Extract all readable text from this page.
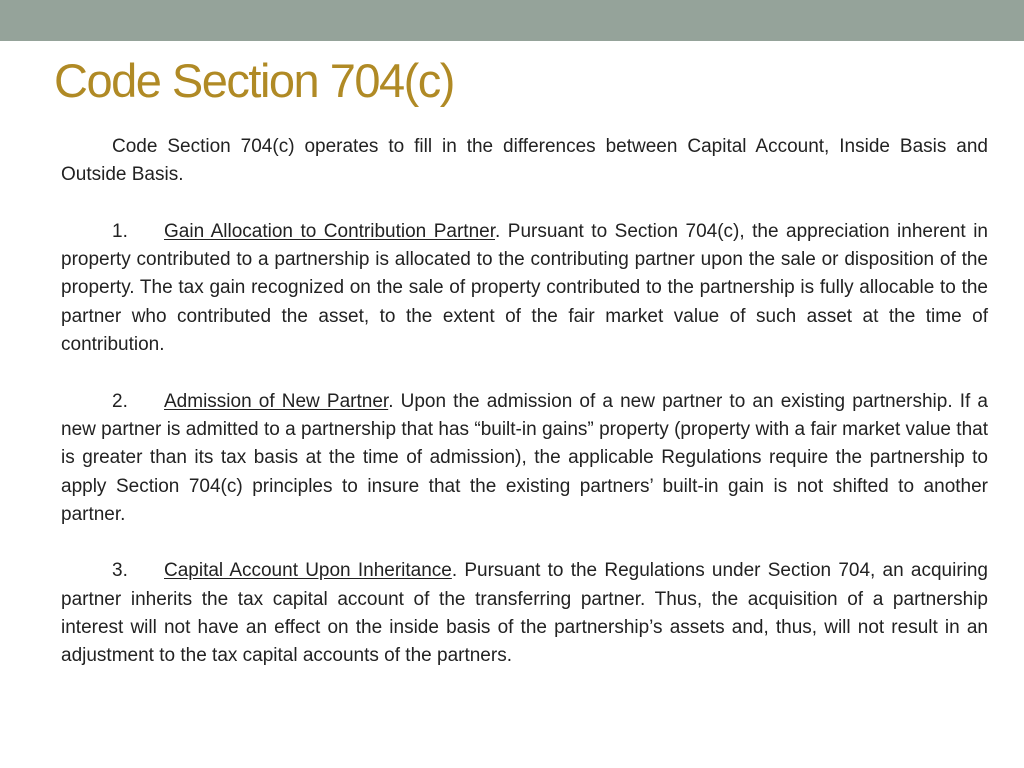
Code Section 704(c)

Code Section 704(c) operates to fill in the differences between Capital Account, Inside Basis and Outside Basis.

1. Gain Allocation to Contribution Partner. Pursuant to Section 704(c), the appreciation inherent in property contributed to a partnership is allocated to the contributing partner upon the sale or disposition of the property. The tax gain recognized on the sale of property contributed to the partnership is fully allocable to the partner who contributed the asset, to the extent of the fair market value of such asset at the time of contribution.

2. Admission of New Partner. Upon the admission of a new partner to an existing partnership. If a new partner is admitted to a partnership that has “built-in gains” property (property with a fair market value that is greater than its tax basis at the time of admission), the applicable Regulations require the partnership to apply Section 704(c) principles to insure that the existing partners’ built-in gain is not shifted to another partner.

3. Capital Account Upon Inheritance. Pursuant to the Regulations under Section 704, an acquiring partner inherits the tax capital account of the transferring partner. Thus, the acquisition of a partnership interest will not have an effect on the inside basis of the partnership’s assets and, thus, will not result in an adjustment to the tax capital accounts of the partners.
